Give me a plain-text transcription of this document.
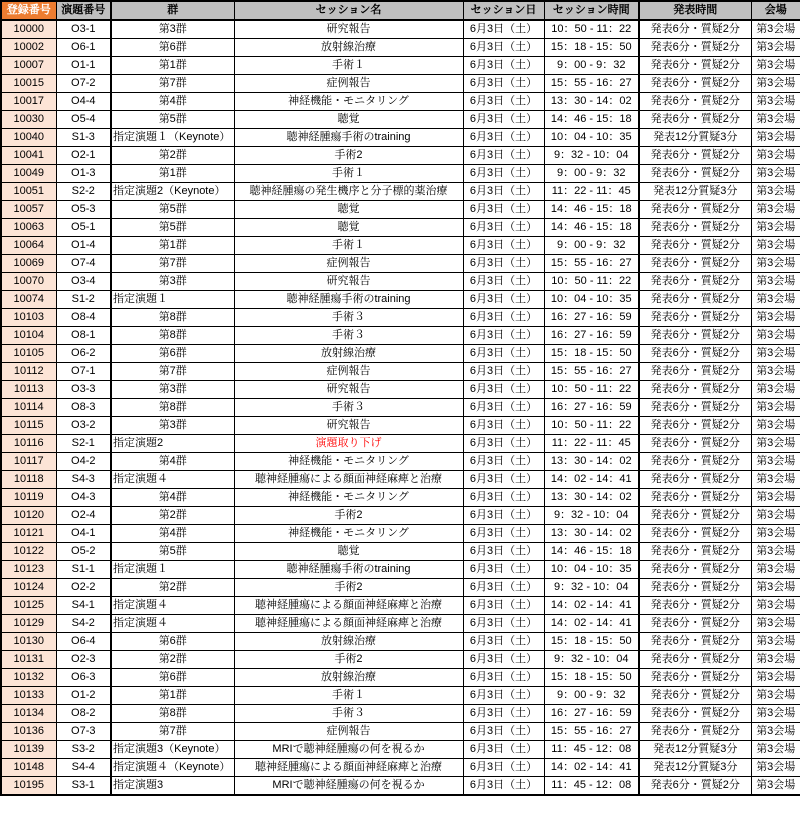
登録番号	演題番号	群	セッション名	セッション日	セッション時間	発表時間	会場
10000	O3-1	第3群	研究報告	6月3日（土）	10：50 - 11：22	発表6分・質疑2分	第3会場
10002	O6-1	第6群	放射線治療	6月3日（土）	15：18 - 15：50	発表6分・質疑2分	第3会場
10007	O1-1	第1群	手術１	6月3日（土）	9：00 - 9：32	発表6分・質疑2分	第3会場
10015	O7-2	第7群	症例報告	6月3日（土）	15：55 - 16：27	発表6分・質疑2分	第3会場
10017	O4-4	第4群	神経機能・モニタリング	6月3日（土）	13：30 - 14：02	発表6分・質疑2分	第3会場
10030	O5-4	第5群	聴覚	6月3日（土）	14：46 - 15：18	発表6分・質疑2分	第3会場
10040	S1-3	指定演題１（Keynote）	聴神経腫瘍手術のtraining	6月3日（土）	10：04 - 10：35	発表12分質疑3分	第3会場
10041	O2-1	第2群	手術2	6月3日（土）	9：32 - 10：04	発表6分・質疑2分	第3会場
10049	O1-3	第1群	手術１	6月3日（土）	9：00 - 9：32	発表6分・質疑2分	第3会場
10051	S2-2	指定演題2（Keynote）	聴神経腫瘍の発生機序と分子標的薬治療	6月3日（土）	11：22 - 11：45	発表12分質疑3分	第3会場
10057	O5-3	第5群	聴覚	6月3日（土）	14：46 - 15：18	発表6分・質疑2分	第3会場
10063	O5-1	第5群	聴覚	6月3日（土）	14：46 - 15：18	発表6分・質疑2分	第3会場
10064	O1-4	第1群	手術１	6月3日（土）	9：00 - 9：32	発表6分・質疑2分	第3会場
10069	O7-4	第7群	症例報告	6月3日（土）	15：55 - 16：27	発表6分・質疑2分	第3会場
10070	O3-4	第3群	研究報告	6月3日（土）	10：50 - 11：22	発表6分・質疑2分	第3会場
10074	S1-2	指定演題１	聴神経腫瘍手術のtraining	6月3日（土）	10：04 - 10：35	発表6分・質疑2分	第3会場
10103	O8-4	第8群	手術３	6月3日（土）	16：27 - 16：59	発表6分・質疑2分	第3会場
10104	O8-1	第8群	手術３	6月3日（土）	16：27 - 16：59	発表6分・質疑2分	第3会場
10105	O6-2	第6群	放射線治療	6月3日（土）	15：18 - 15：50	発表6分・質疑2分	第3会場
10112	O7-1	第7群	症例報告	6月3日（土）	15：55 - 16：27	発表6分・質疑2分	第3会場
10113	O3-3	第3群	研究報告	6月3日（土）	10：50 - 11：22	発表6分・質疑2分	第3会場
10114	O8-3	第8群	手術３	6月3日（土）	16：27 - 16：59	発表6分・質疑2分	第3会場
10115	O3-2	第3群	研究報告	6月3日（土）	10：50 - 11：22	発表6分・質疑2分	第3会場
10116	S2-1	指定演題2	演題取り下げ	6月3日（土）	11：22 - 11：45	発表6分・質疑2分	第3会場
10117	O4-2	第4群	神経機能・モニタリング	6月3日（土）	13：30 - 14：02	発表6分・質疑2分	第3会場
10118	S4-3	指定演題４	聴神経腫瘍による顔面神経麻痺と治療	6月3日（土）	14：02 - 14：41	発表6分・質疑2分	第3会場
10119	O4-3	第4群	神経機能・モニタリング	6月3日（土）	13：30 - 14：02	発表6分・質疑2分	第3会場
10120	O2-4	第2群	手術2	6月3日（土）	9：32 - 10：04	発表6分・質疑2分	第3会場
10121	O4-1	第4群	神経機能・モニタリング	6月3日（土）	13：30 - 14：02	発表6分・質疑2分	第3会場
10122	O5-2	第5群	聴覚	6月3日（土）	14：46 - 15：18	発表6分・質疑2分	第3会場
10123	S1-1	指定演題１	聴神経腫瘍手術のtraining	6月3日（土）	10：04 - 10：35	発表6分・質疑2分	第3会場
10124	O2-2	第2群	手術2	6月3日（土）	9：32 - 10：04	発表6分・質疑2分	第3会場
10125	S4-1	指定演題４	聴神経腫瘍による顔面神経麻痺と治療	6月3日（土）	14：02 - 14：41	発表6分・質疑2分	第3会場
10129	S4-2	指定演題４	聴神経腫瘍による顔面神経麻痺と治療	6月3日（土）	14：02 - 14：41	発表6分・質疑2分	第3会場
10130	O6-4	第6群	放射線治療	6月3日（土）	15：18 - 15：50	発表6分・質疑2分	第3会場
10131	O2-3	第2群	手術2	6月3日（土）	9：32 - 10：04	発表6分・質疑2分	第3会場
10132	O6-3	第6群	放射線治療	6月3日（土）	15：18 - 15：50	発表6分・質疑2分	第3会場
10133	O1-2	第1群	手術１	6月3日（土）	9：00 - 9：32	発表6分・質疑2分	第3会場
10134	O8-2	第8群	手術３	6月3日（土）	16：27 - 16：59	発表6分・質疑2分	第3会場
10136	O7-3	第7群	症例報告	6月3日（土）	15：55 - 16：27	発表6分・質疑2分	第3会場
10139	S3-2	指定演題3（Keynote）	MRIで聴神経腫瘍の何を視るか	6月3日（土）	11：45 - 12：08	発表12分質疑3分	第3会場
10148	S4-4	指定演題４（Keynote）	聴神経腫瘍による顔面神経麻痺と治療	6月3日（土）	14：02 - 14：41	発表12分質疑3分	第3会場
10195	S3-1	指定演題3	MRIで聴神経腫瘍の何を視るか	6月3日（土）	11：45 - 12：08	発表6分・質疑2分	第3会場
